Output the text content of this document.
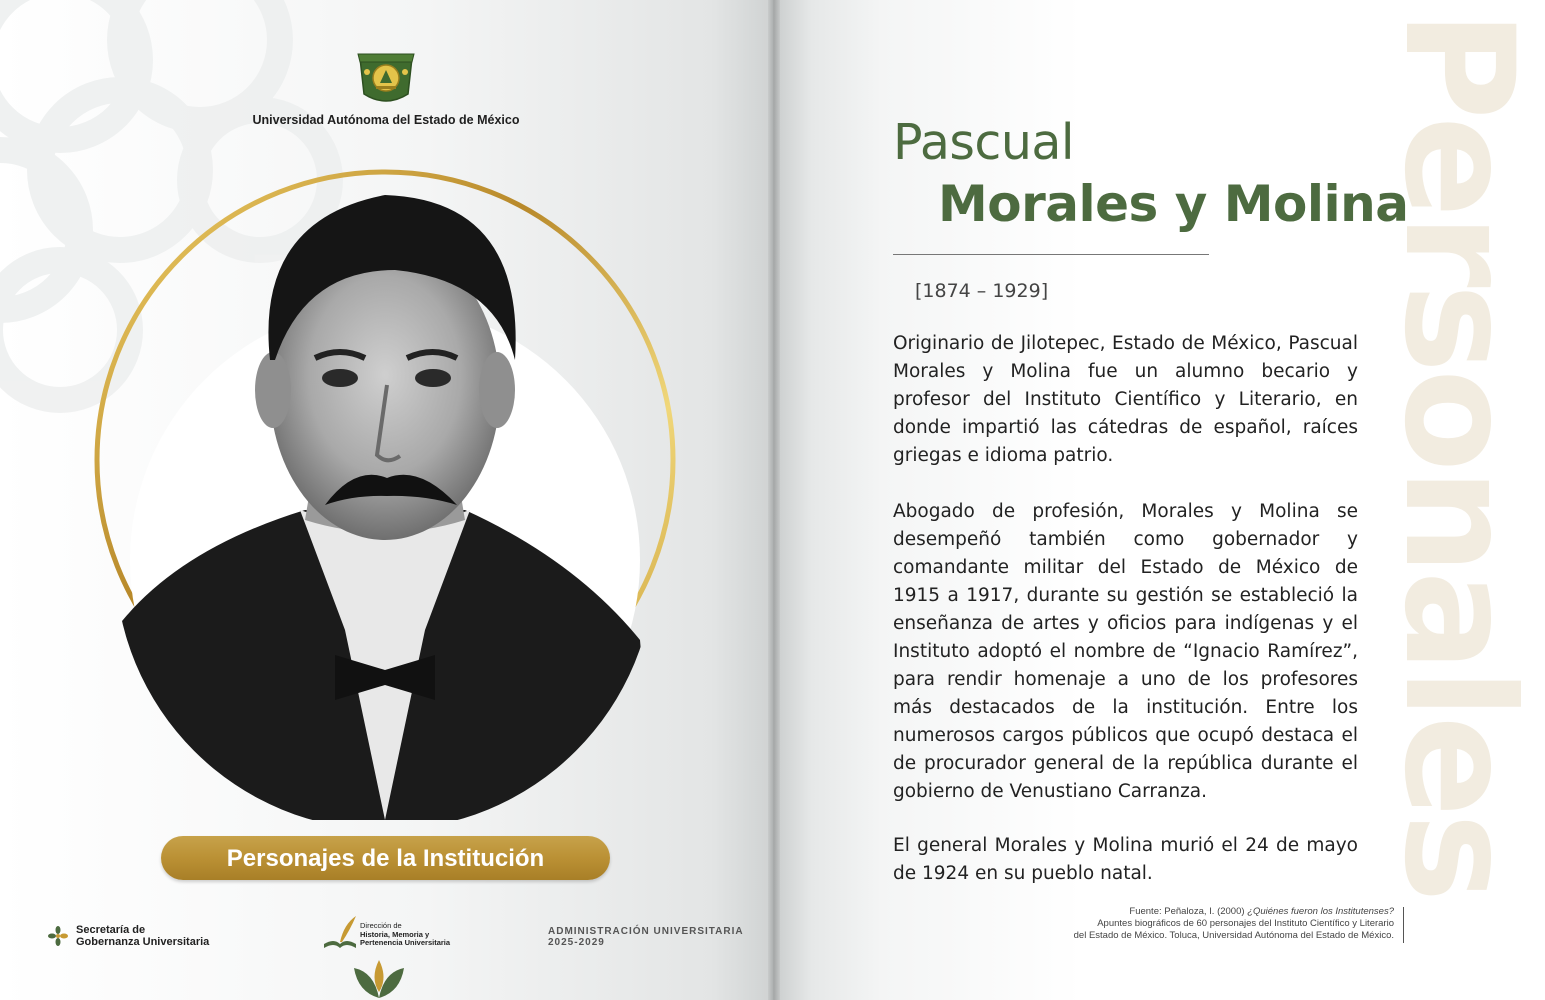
Personales
Universidad Autónoma del Estado de México
Personajes de la Institución
Secretaría de
Gobernanza Universitaria
Dirección de
Historia, Memoria y
Pertenencia Universitaria
ADMINISTRACIÓN UNIVERSITARIA
2025-2029
Pascual
Morales y Molina
[1874 – 1929]

Originario de Jilotepec, Estado de México, Pascual Morales y Molina fue un alumno becario y profesor del Instituto Científico y Literario, en donde impartió las cátedras de español, raíces griegas e idioma patrio.

Abogado de profesión, Morales y Molina se desempeñó también como gobernador y comandante militar del Estado de México de 1915 a 1917, durante su gestión se estableció la enseñanza de artes y oficios para indígenas y el Instituto adoptó el nombre de “Ignacio Ramírez”, para rendir homenaje a uno de los profesores más destacados de la institución. Entre los numerosos cargos públicos que ocupó destaca el de procurador general de la república durante el gobierno de Venustiano Carranza.

El general Morales y Molina murió el 24 de mayo de 1924 en su pueblo natal.

Fuente: Peñaloza, I. (2000) ¿Quiénes fueron los Institutenses?
Apuntes biográficos de 60 personajes del Instituto Científico y Literario
del Estado de México. Toluca, Universidad Autónoma del Estado de México.
